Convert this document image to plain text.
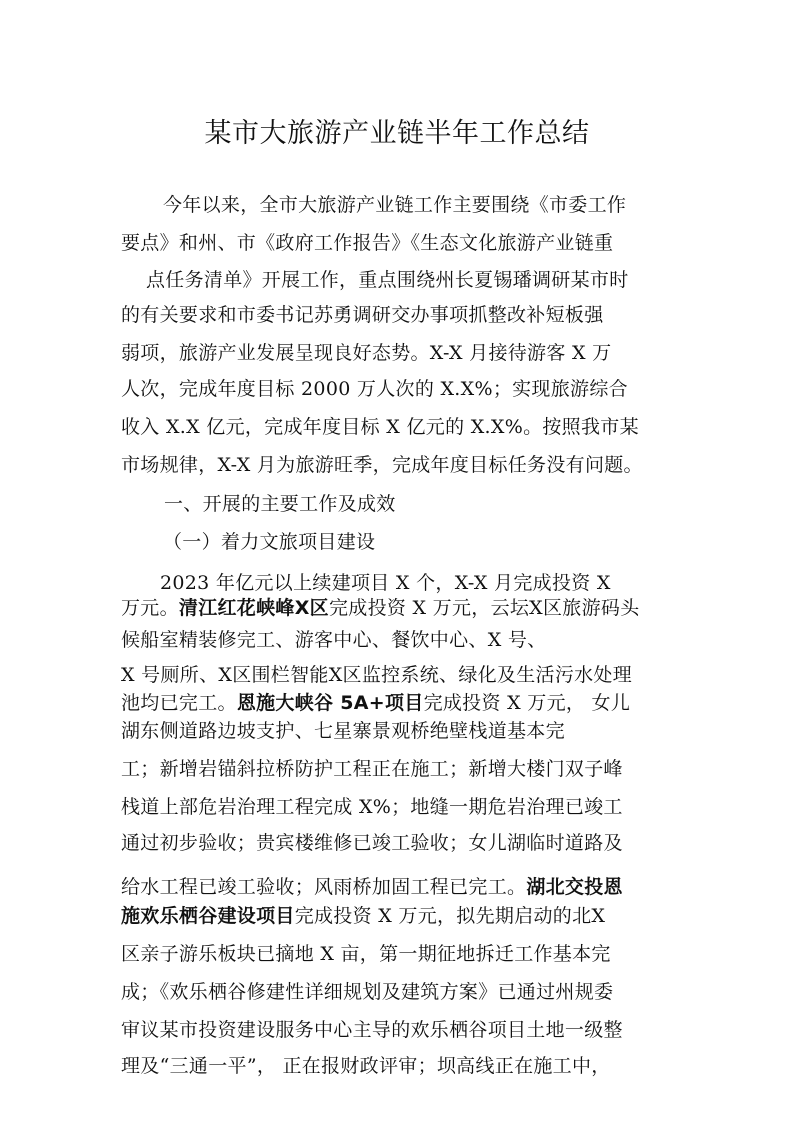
某市大旅游产业链半年工作总结

今年以来，全市大旅游产业链工作主要围绕《市委工作

要点》和州、市《政府工作报告》《生态文化旅游产业链重

点任务清单》开展工作，重点围绕州长夏锡璠调研某市时

的有关要求和市委书记苏勇调研交办事项抓整改补短板强

弱项，旅游产业发展呈现良好态势。X-X 月接待游客 X 万

人次，完成年度目标 2000 万人次的 X.X%；实现旅游综合

收入 X.X 亿元，完成年度目标 X 亿元的 X.X%。按照我市某

市场规律，X-X 月为旅游旺季，完成年度目标任务没有问题。

一、开展的主要工作及成效

（一）着力文旅项目建设

2023 年亿元以上续建项目 X 个，X-X 月完成投资 X

万元。清江红花峡峰X区完成投资 X 万元，云坛X区旅游码头

候船室精装修完工、游客中心、餐饮中心、X 号、

X 号厕所、X区围栏智能X区监控系统、绿化及生活污水处理

池均已完工。恩施大峡谷 5A+项目完成投资 X 万元， 女儿

湖东侧道路边坡支护、七星寨景观桥绝壁栈道基本完

工；新增岩锚斜拉桥防护工程正在施工；新增大楼门双子峰

栈道上部危岩治理工程完成 X%；地缝一期危岩治理已竣工

通过初步验收；贵宾楼维修已竣工验收；女儿湖临时道路及

给水工程已竣工验收；风雨桥加固工程已完工。湖北交投恩

施欢乐栖谷建设项目完成投资 X 万元，拟先期启动的北X

区亲子游乐板块已摘地 X 亩，第一期征地拆迁工作基本完

成；《欢乐栖谷修建性详细规划及建筑方案》已通过州规委

审议某市投资建设服务中心主导的欢乐栖谷项目土地一级整

理及“三通一平”， 正在报财政评审；坝高线正在施工中，
